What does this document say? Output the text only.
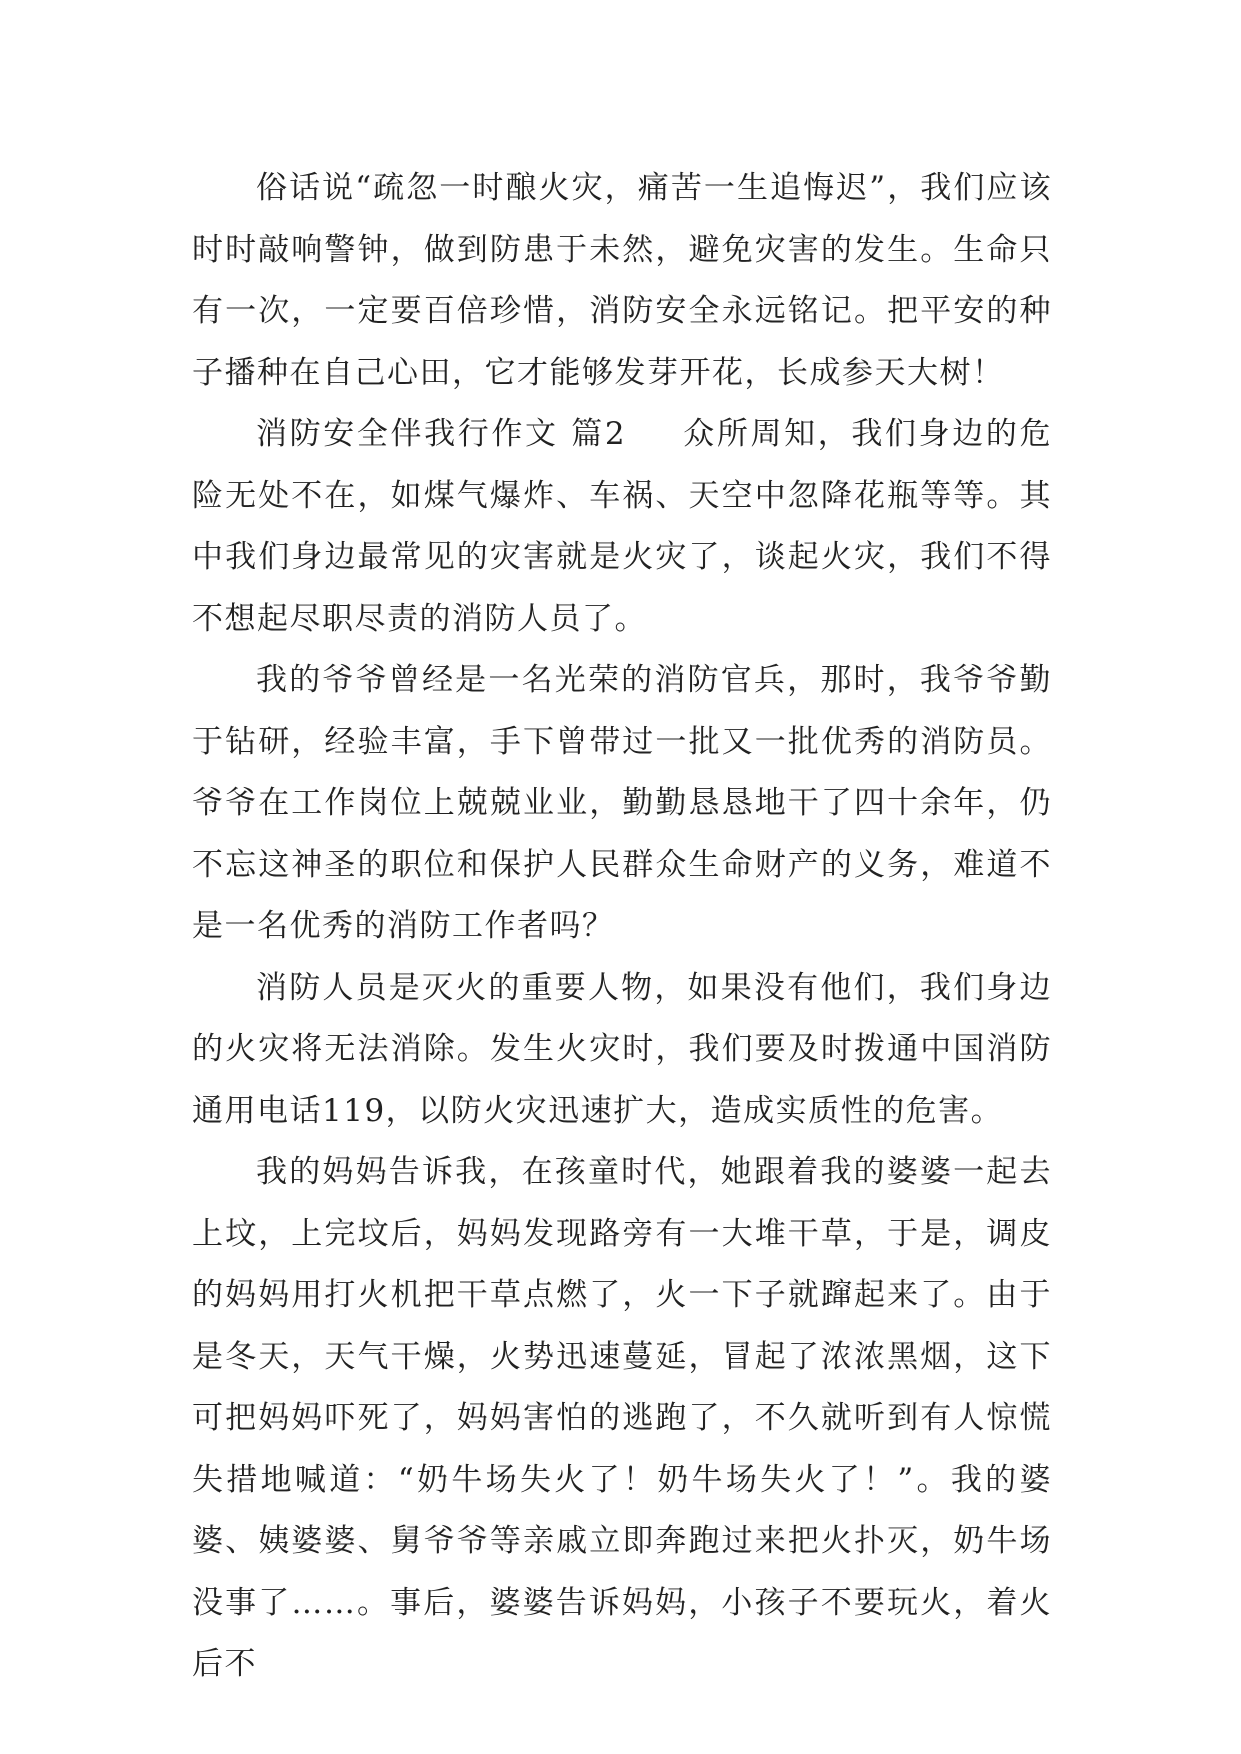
俗话说“疏忽一时酿火灾，痛苦一生追悔迟”，我们应该时时敲响警钟，做到防患于未然，避免灾害的发生。生命只有一次，一定要百倍珍惜，消防安全永远铭记。把平安的种子播种在自己心田，它才能够发芽开花，长成参天大树！

消防安全伴我行作文 篇2 众所周知，我们身边的危险无处不在，如煤气爆炸、车祸、天空中忽降花瓶等等。其中我们身边最常见的灾害就是火灾了，谈起火灾，我们不得不想起尽职尽责的消防人员了。

我的爷爷曾经是一名光荣的消防官兵，那时，我爷爷勤于钻研，经验丰富，手下曾带过一批又一批优秀的消防员。爷爷在工作岗位上兢兢业业，勤勤恳恳地干了四十余年，仍不忘这神圣的职位和保护人民群众生命财产的义务，难道不是一名优秀的消防工作者吗？

消防人员是灭火的重要人物，如果没有他们，我们身边的火灾将无法消除。发生火灾时，我们要及时拨通中国消防通用电话119，以防火灾迅速扩大，造成实质性的危害。

我的妈妈告诉我，在孩童时代，她跟着我的婆婆一起去上坟，上完坟后，妈妈发现路旁有一大堆干草，于是，调皮的妈妈用打火机把干草点燃了，火一下子就蹿起来了。由于是冬天，天气干燥，火势迅速蔓延，冒起了浓浓黑烟，这下可把妈妈吓死了，妈妈害怕的逃跑了，不久就听到有人惊慌失措地喊道：“奶牛场失火了！奶牛场失火了！”。我的婆婆、姨婆婆、舅爷爷等亲戚立即奔跑过来把火扑灭，奶牛场没事了……。事后，婆婆告诉妈妈，小孩子不要玩火，着火后不
